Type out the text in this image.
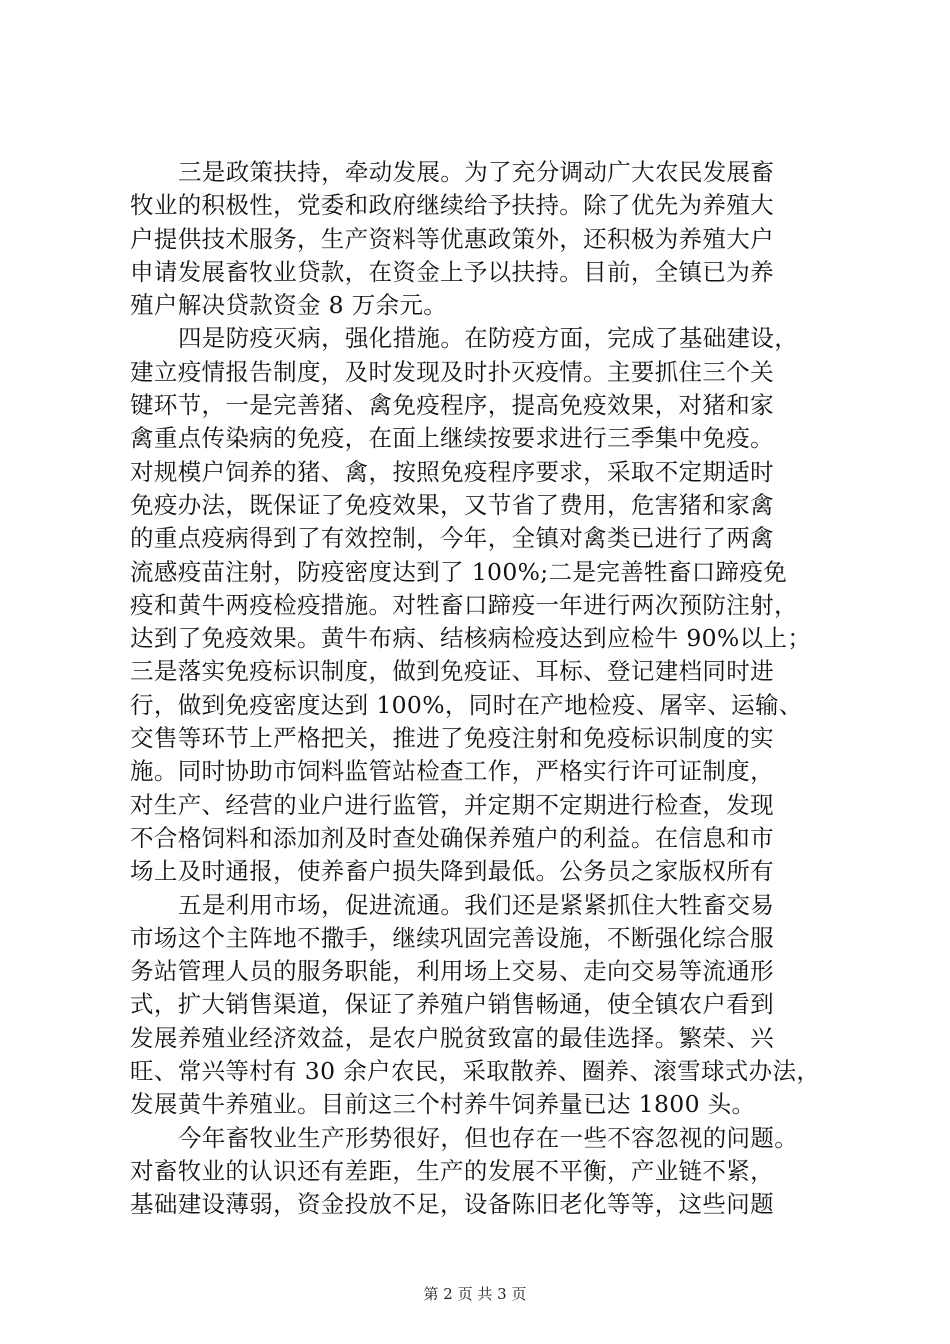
三是政策扶持，牵动发展。为了充分调动广大农民发展畜
牧业的积极性，党委和政府继续给予扶持。除了优先为养殖大
户提供技术服务，生产资料等优惠政策外，还积极为养殖大户
申请发展畜牧业贷款，在资金上予以扶持。目前，全镇已为养
殖户解决贷款资金 8 万余元。
四是防疫灭病，强化措施。在防疫方面，完成了基础建设，
建立疫情报告制度，及时发现及时扑灭疫情。主要抓住三个关
键环节，一是完善猪、禽免疫程序，提高免疫效果，对猪和家
禽重点传染病的免疫，在面上继续按要求进行三季集中免疫。
对规模户饲养的猪、禽，按照免疫程序要求，采取不定期适时
免疫办法，既保证了免疫效果，又节省了费用，危害猪和家禽
的重点疫病得到了有效控制，今年，全镇对禽类已进行了两禽
流感疫苗注射，防疫密度达到了 100%;二是完善牲畜口蹄疫免
疫和黄牛两疫检疫措施。对牲畜口蹄疫一年进行两次预防注射，
达到了免疫效果。黄牛布病、结核病检疫达到应检牛 90%以上；
三是落实免疫标识制度，做到免疫证、耳标、登记建档同时进
行，做到免疫密度达到 100%，同时在产地检疫、屠宰、运输、
交售等环节上严格把关，推进了免疫注射和免疫标识制度的实
施。同时协助市饲料监管站检查工作，严格实行许可证制度，
对生产、经营的业户进行监管，并定期不定期进行检查，发现
不合格饲料和添加剂及时查处确保养殖户的利益。在信息和市
场上及时通报，使养畜户损失降到最低。公务员之家版权所有
五是利用市场，促进流通。我们还是紧紧抓住大牲畜交易
市场这个主阵地不撒手，继续巩固完善设施，不断强化综合服
务站管理人员的服务职能，利用场上交易、走向交易等流通形
式，扩大销售渠道，保证了养殖户销售畅通，使全镇农户看到
发展养殖业经济效益，是农户脱贫致富的最佳选择。繁荣、兴
旺、常兴等村有 30 余户农民，采取散养、圈养、滚雪球式办法，
发展黄牛养殖业。目前这三个村养牛饲养量已达 1800 头。
今年畜牧业生产形势很好，但也存在一些不容忽视的问题。
对畜牧业的认识还有差距，生产的发展不平衡，产业链不紧，
基础建设薄弱，资金投放不足，设备陈旧老化等等，这些问题
第 2 页 共 3 页
